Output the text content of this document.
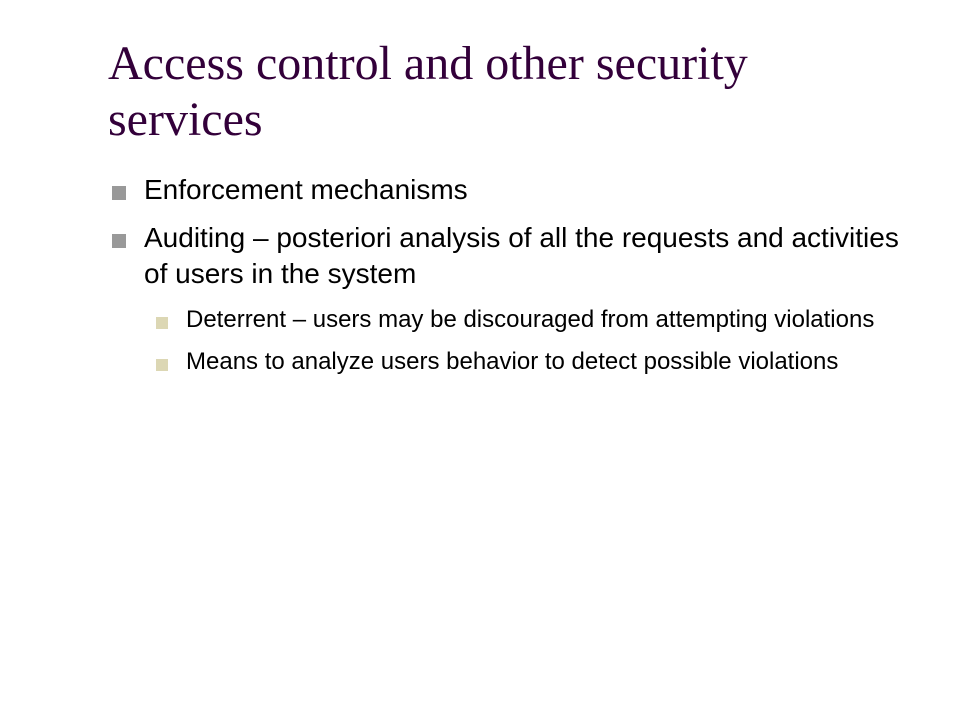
Access control and other security services
Enforcement mechanisms
Auditing – posteriori analysis of all the requests and activities of users in the system
Deterrent – users may be discouraged from attempting violations
Means to analyze users behavior to detect possible violations
